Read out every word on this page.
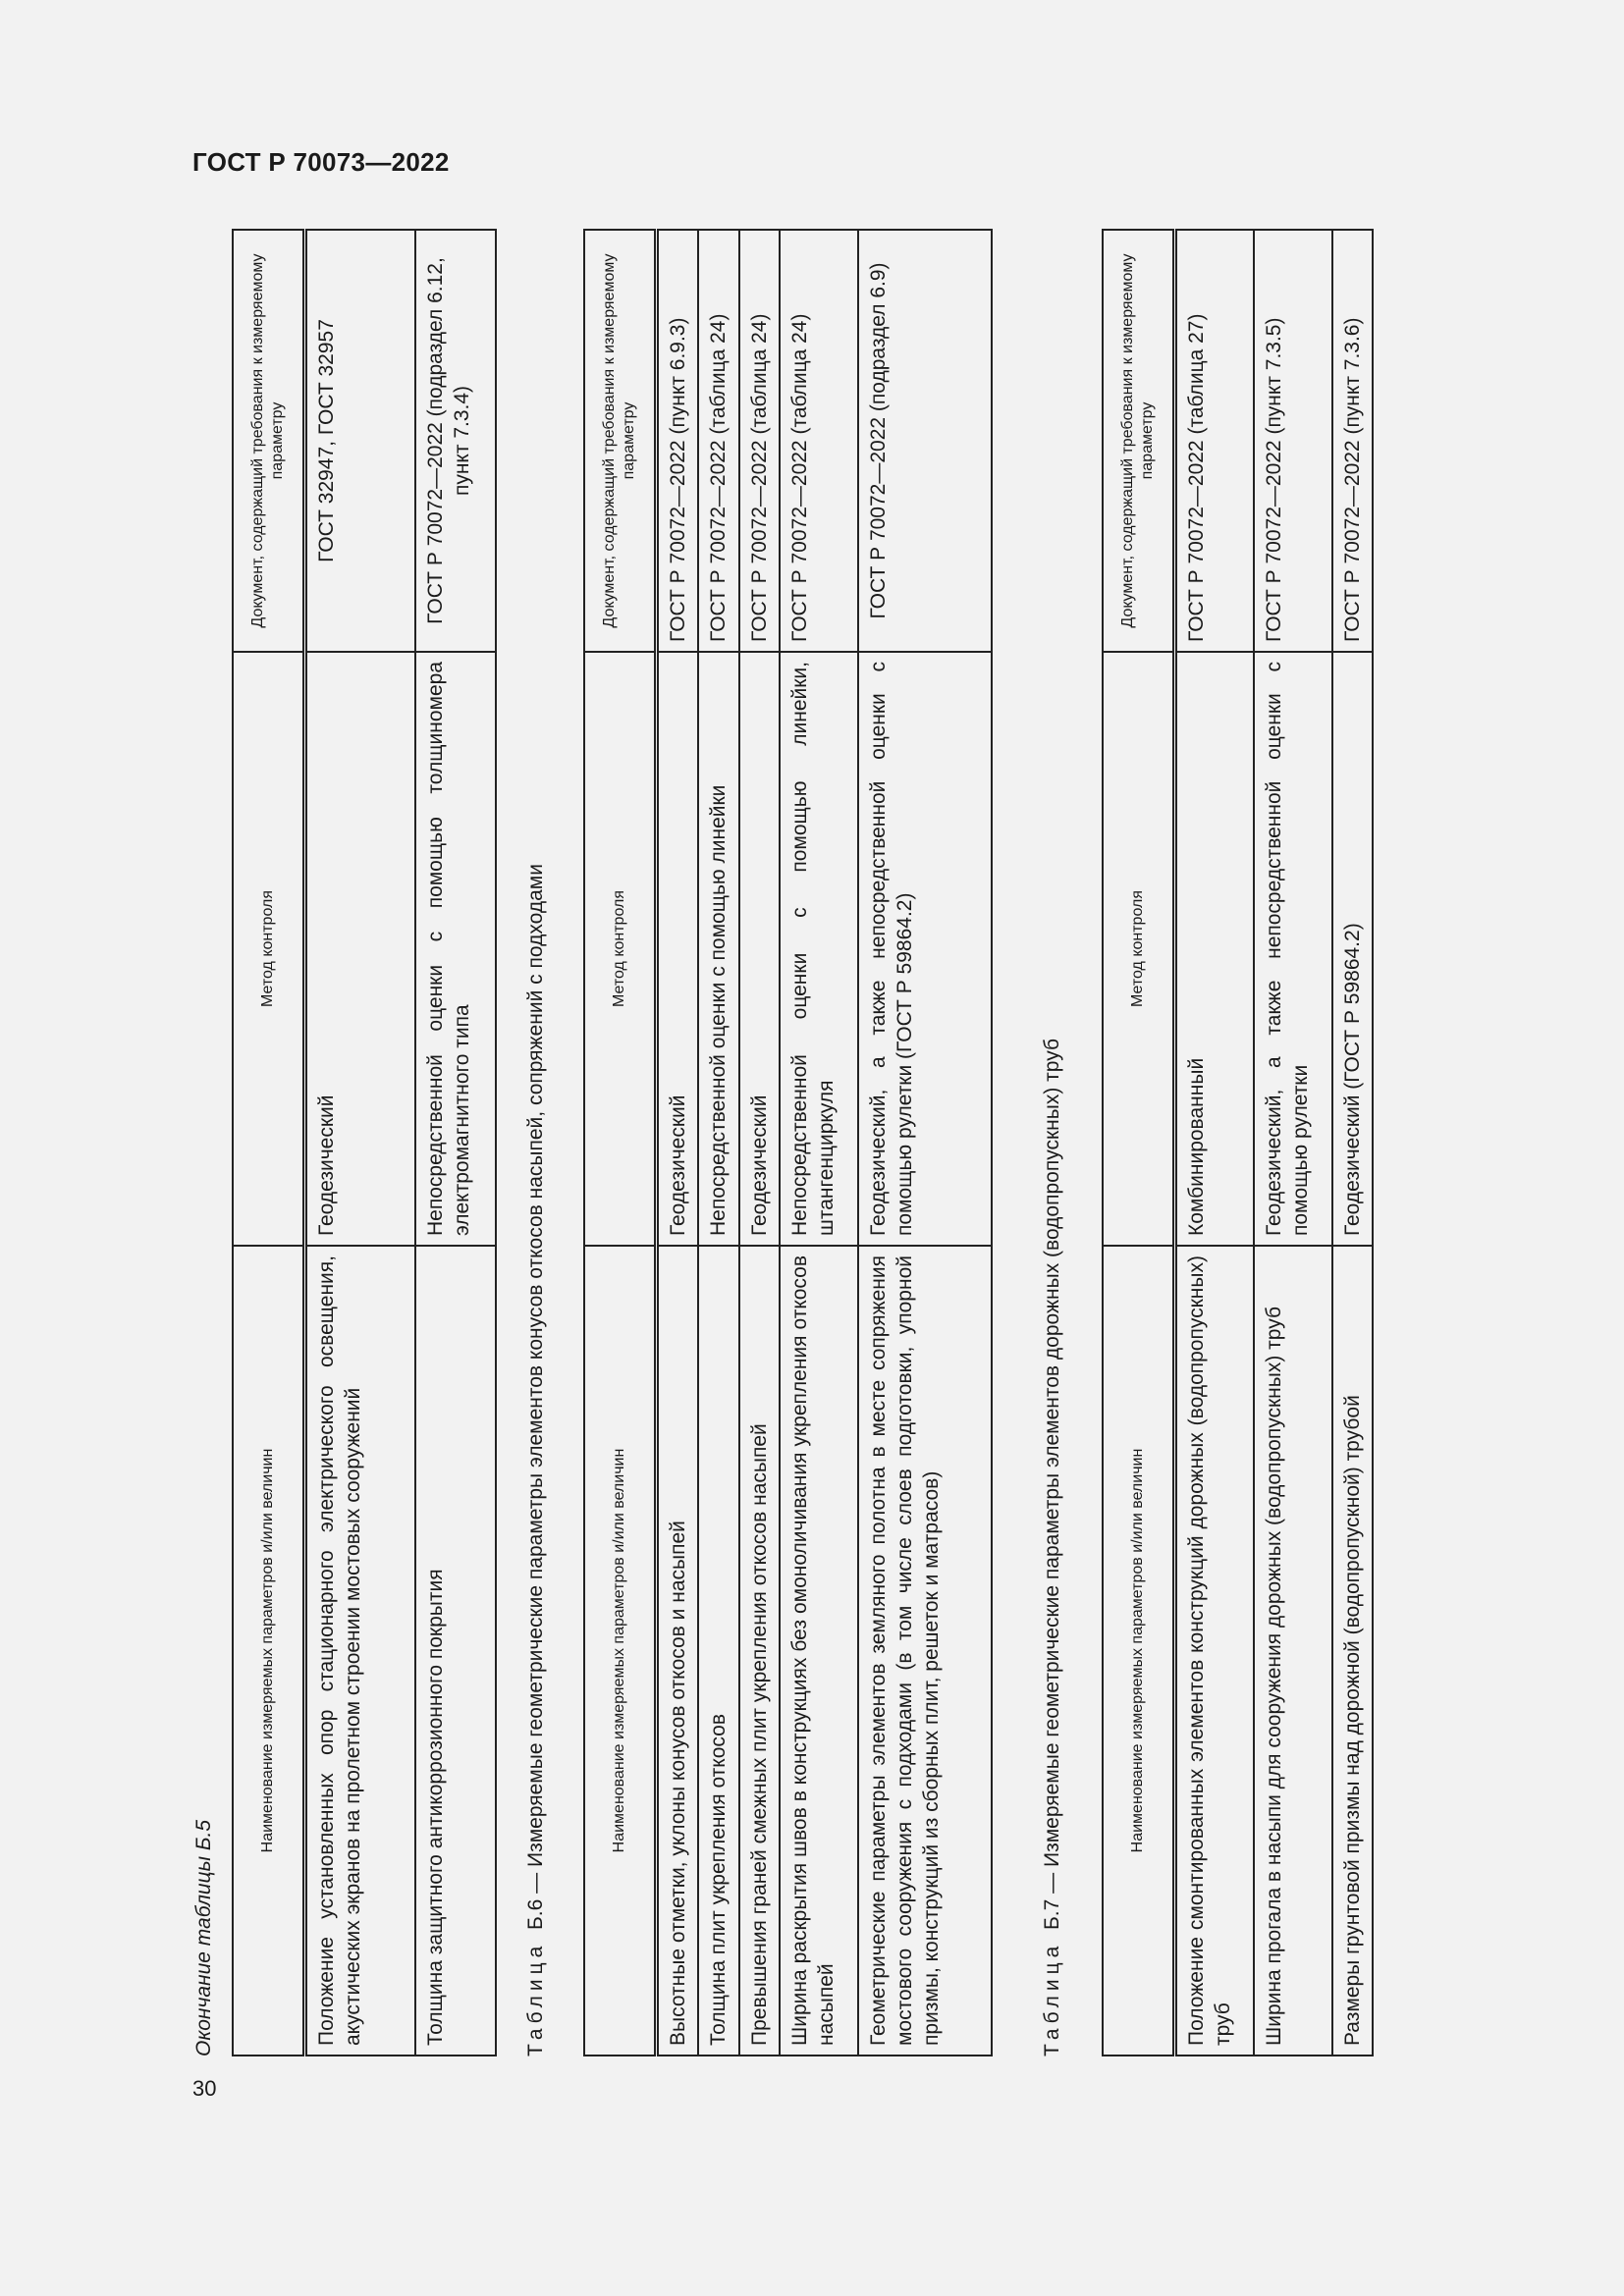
ГОСТ Р 70073—2022
30
Окончание таблицы Б.5
Наименование измеряемых параметров и/или величин	Метод контроля	Документ, содержащий требования к измеряемому параметру
Положение установленных опор стационарного электрического освещения, акустических экранов на пролетном строении мостовых сооружений	Геодезический	ГОСТ 32947, ГОСТ 32957
Толщина защитного антикоррозионного покрытия	Непосредственной оценки с помощью толщиномера электромагнитного типа	ГОСТ Р 70072—2022 (подраздел 6.12, пункт 7.3.4)
Таблица  Б.6 — Измеряемые геометрические параметры элементов конусов откосов насыпей, сопряжений с подходами	Наименование измеряемых параметров и/или величин	Метод контроля	Документ, содержащий требования к измеряемому параметру
Высотные отметки, уклоны конусов откосов и насыпей	Геодезический	ГОСТ Р 70072—2022 (пункт 6.9.3)
Толщина плит укрепления откосов	Непосредственной оценки с помощью линейки	ГОСТ Р 70072—2022 (таблица 24)
Превышения граней смежных плит укрепления откосов насыпей	Геодезический	ГОСТ Р 70072—2022 (таблица 24)
Ширина раскрытия швов в конструкциях без омоноличивания укрепления откосов насыпей	Непосредственной оценки с помощью линейки, штангенциркуля	ГОСТ Р 70072—2022 (таблица 24)
Геометрические параметры элементов земляного полотна в месте сопряжения мостового сооружения с подходами (в том числе слоев подготовки, упорной призмы, конструкций из сборных плит, решеток и матрасов)	Геодезический, а также непосредственной оценки с помощью рулетки (ГОСТ Р 59864.2)	ГОСТ Р 70072—2022 (подраздел 6.9)
Таблица  Б.7 — Измеряемые геометрические параметры элементов дорожных (водопропускных) труб	Наименование измеряемых параметров и/или величин	Метод контроля	Документ, содержащий требования к измеряемому параметру
Положение смонтированных элементов конструкций дорожных (водопропускных) труб	Комбинированный	ГОСТ Р 70072—2022 (таблица 27)
Ширина прогала в насыпи для сооружения дорожных (водопропускных) труб	Геодезический, а также непосредственной оценки с помощью рулетки	ГОСТ Р 70072—2022 (пункт 7.3.5)
Размеры грунтовой призмы над дорожной (водопропускной) трубой	Геодезический (ГОСТ Р 59864.2)	ГОСТ Р 70072—2022 (пункт 7.3.6)
